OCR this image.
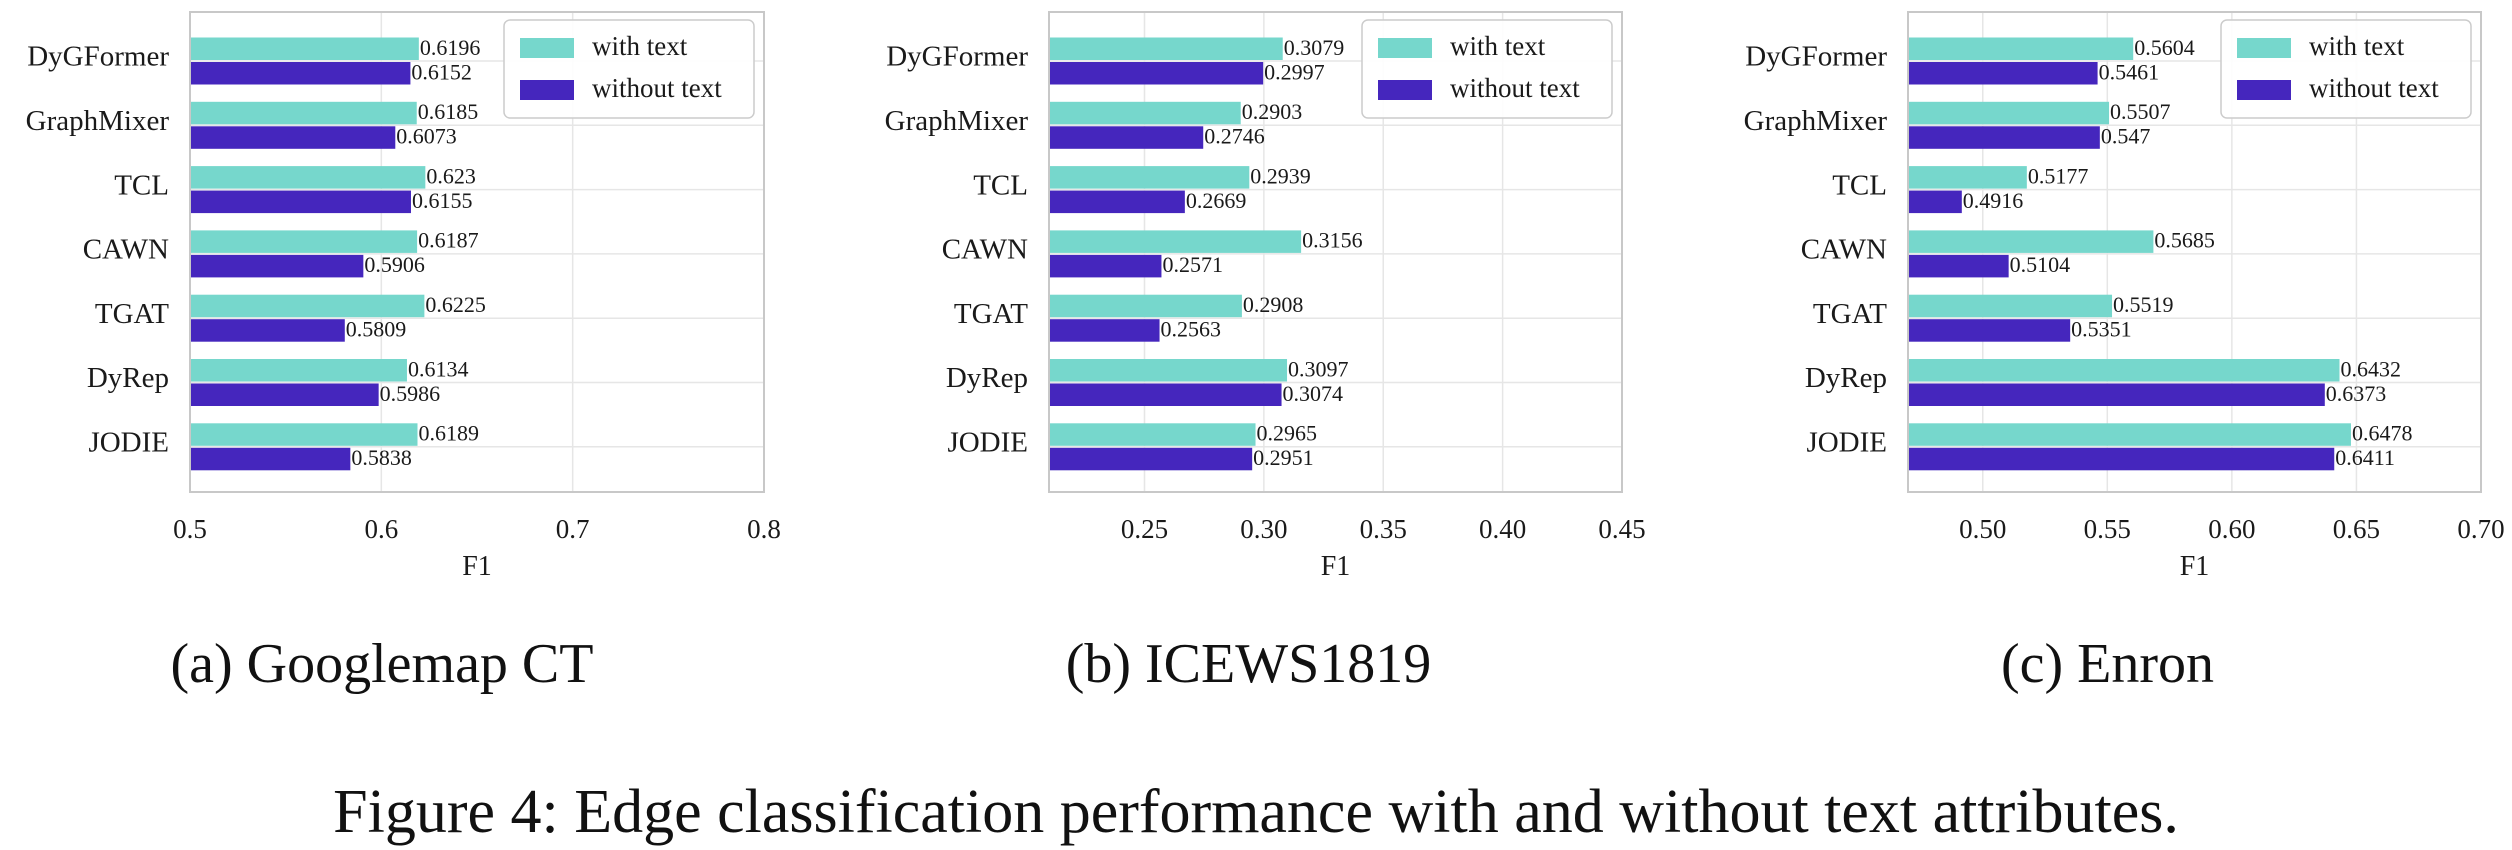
0.5	0.6	0.7	0.8
DyGFormer	0.6196
0.6152
GraphMixer	0.6185
0.6073
TCL	0.623
0.6155
CAWN	0.6187
0.5906
TGAT	0.6225
0.5809
DyRep	0.6134
0.5986
JODIE	0.6189
0.5838
F1
with text
without text
(a) Googlemap CT
0.25	0.30	0.35	0.40	0.45
DyGFormer	0.3079
0.2997
GraphMixer	0.2903
0.2746
TCL	0.2939
0.2669
CAWN	0.3156
0.2571
TGAT	0.2908
0.2563
DyRep	0.3097
0.3074
JODIE	0.2965
0.2951
F1
with text
without text
(b) ICEWS1819
0.50	0.55	0.60	0.65	0.70
DyGFormer	0.5604
0.5461
GraphMixer	0.5507
0.547
TCL	0.5177
0.4916
CAWN	0.5685
0.5104
TGAT	0.5519
0.5351
DyRep	0.6432
0.6373
JODIE	0.6478
0.6411
F1
with text
without text
(c) Enron
Figure 4: Edge classification performance with and without text attributes.
